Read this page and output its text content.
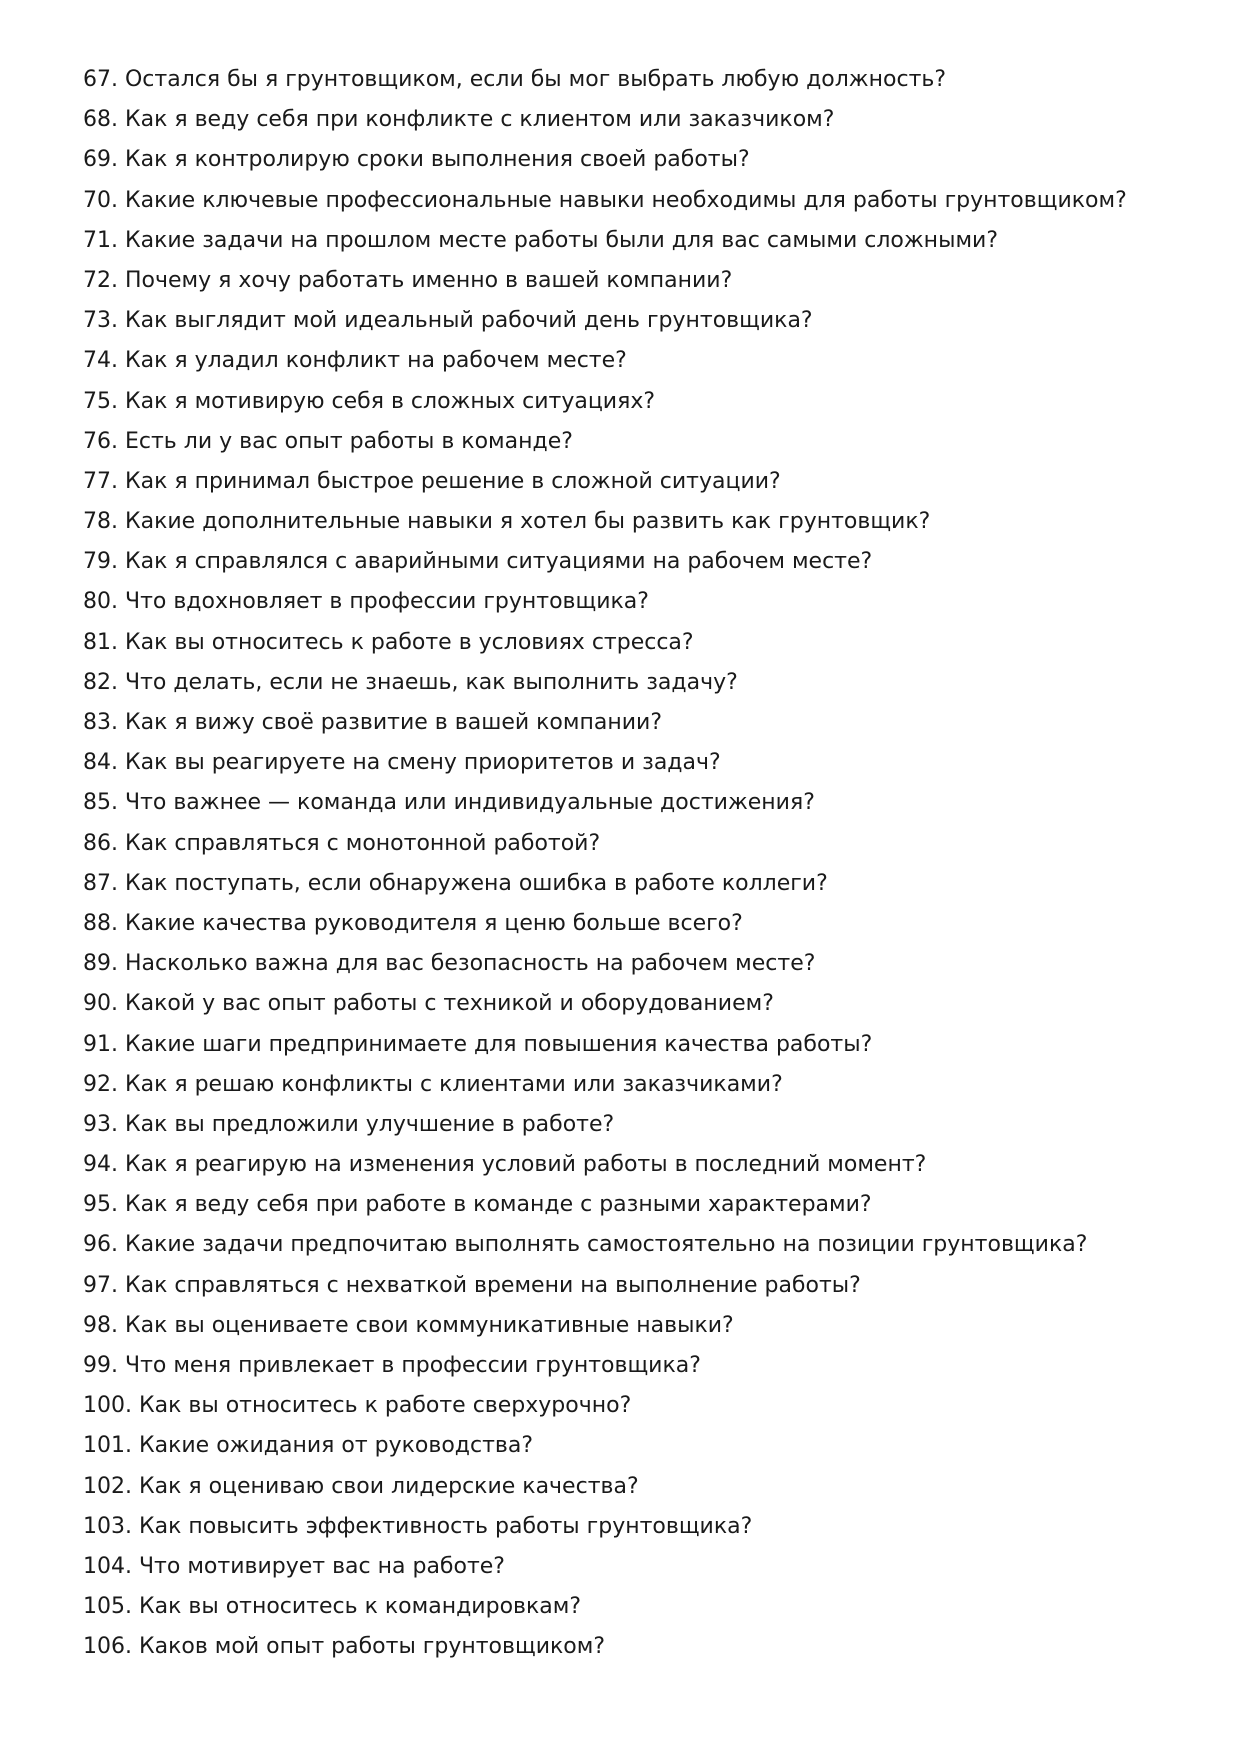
67. Остался бы я грунтовщиком, если бы мог выбрать любую должность?
68. Как я веду себя при конфликте с клиентом или заказчиком?
69. Как я контролирую сроки выполнения своей работы?
70. Какие ключевые профессиональные навыки необходимы для работы грунтовщиком?
71. Какие задачи на прошлом месте работы были для вас самыми сложными?
72. Почему я хочу работать именно в вашей компании?
73. Как выглядит мой идеальный рабочий день грунтовщика?
74. Как я уладил конфликт на рабочем месте?
75. Как я мотивирую себя в сложных ситуациях?
76. Есть ли у вас опыт работы в команде?
77. Как я принимал быстрое решение в сложной ситуации?
78. Какие дополнительные навыки я хотел бы развить как грунтовщик?
79. Как я справлялся с аварийными ситуациями на рабочем месте?
80. Что вдохновляет в профессии грунтовщика?
81. Как вы относитесь к работе в условиях стресса?
82. Что делать, если не знаешь, как выполнить задачу?
83. Как я вижу своё развитие в вашей компании?
84. Как вы реагируете на смену приоритетов и задач?
85. Что важнее — команда или индивидуальные достижения?
86. Как справляться с монотонной работой?
87. Как поступать, если обнаружена ошибка в работе коллеги?
88. Какие качества руководителя я ценю больше всего?
89. Насколько важна для вас безопасность на рабочем месте?
90. Какой у вас опыт работы с техникой и оборудованием?
91. Какие шаги предпринимаете для повышения качества работы?
92. Как я решаю конфликты с клиентами или заказчиками?
93. Как вы предложили улучшение в работе?
94. Как я реагирую на изменения условий работы в последний момент?
95. Как я веду себя при работе в команде с разными характерами?
96. Какие задачи предпочитаю выполнять самостоятельно на позиции грунтовщика?
97. Как справляться с нехваткой времени на выполнение работы?
98. Как вы оцениваете свои коммуникативные навыки?
99. Что меня привлекает в профессии грунтовщика?
100. Как вы относитесь к работе сверхурочно?
101. Какие ожидания от руководства?
102. Как я оцениваю свои лидерские качества?
103. Как повысить эффективность работы грунтовщика?
104. Что мотивирует вас на работе?
105. Как вы относитесь к командировкам?
106. Каков мой опыт работы грунтовщиком?
